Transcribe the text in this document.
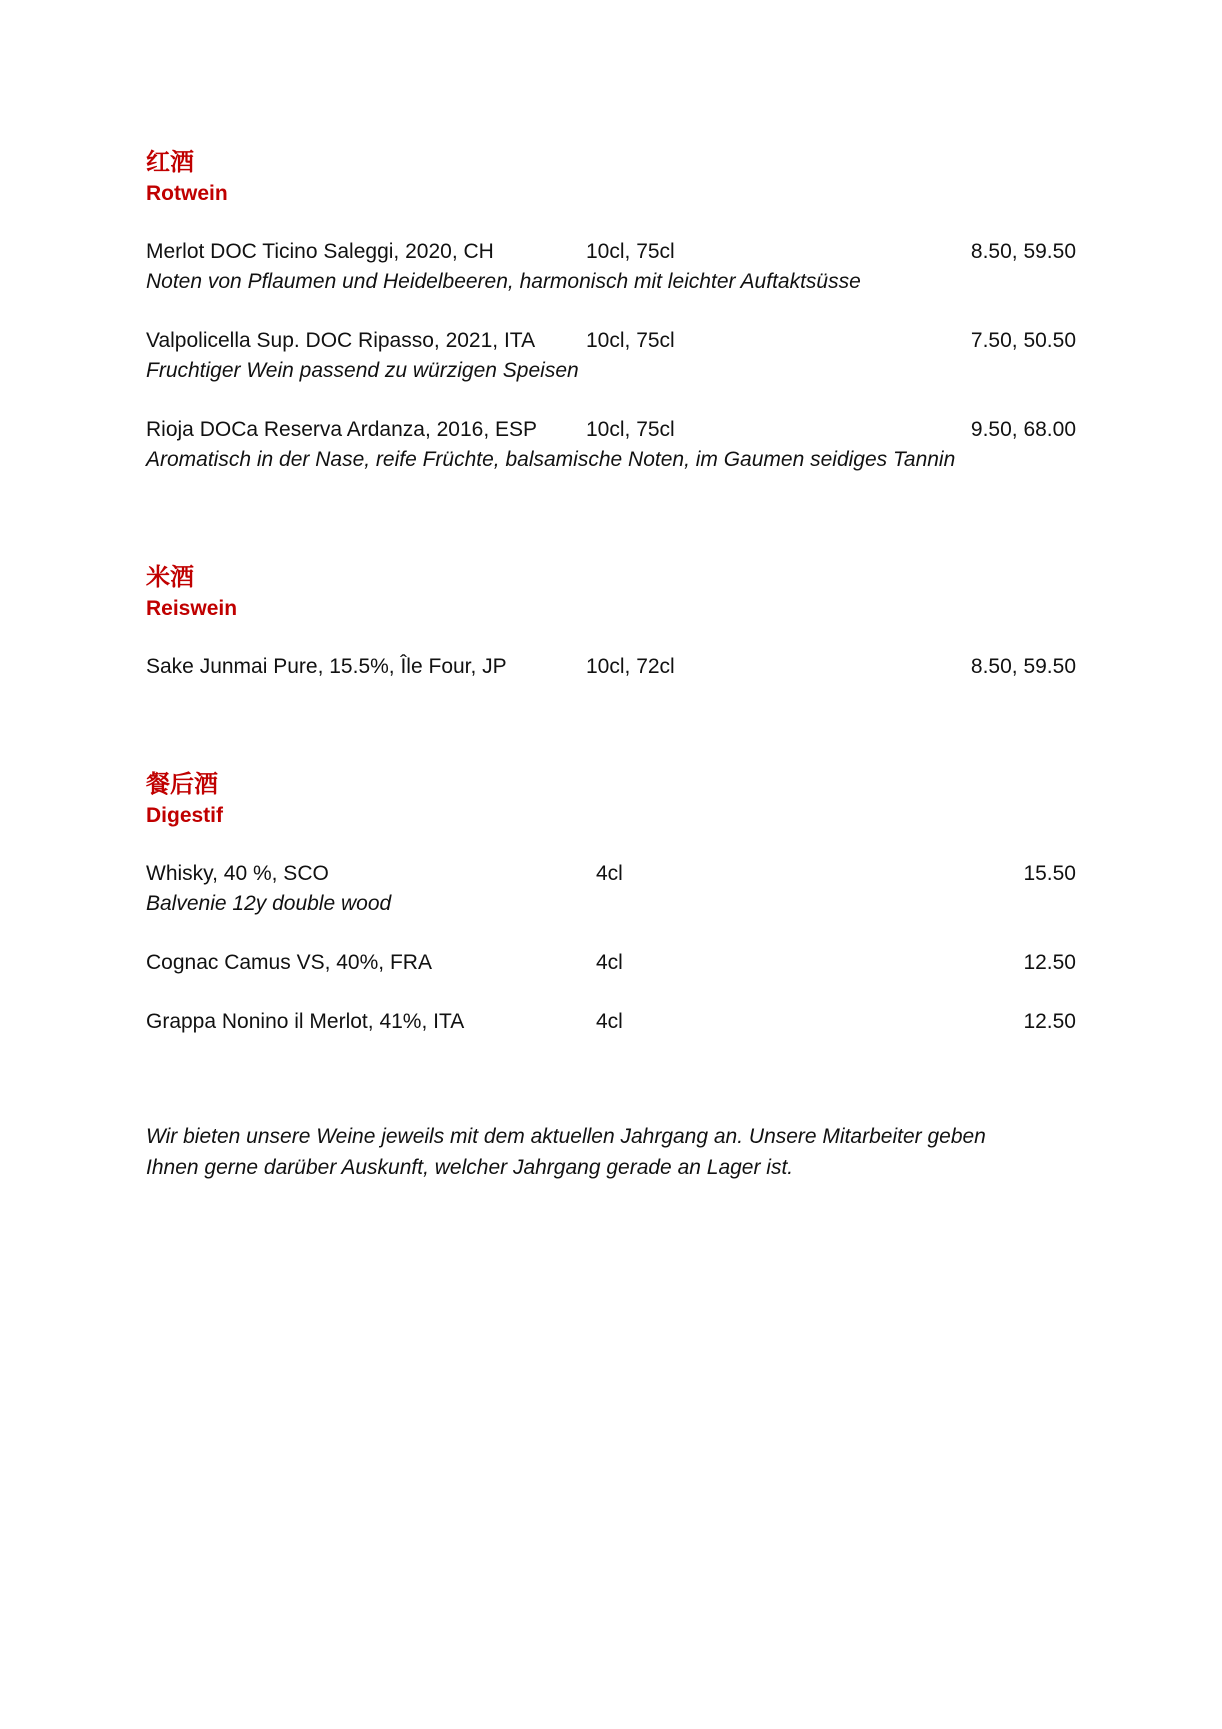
红酒
Rotwein
Merlot DOC Ticino Saleggi, 2020, CH	10cl, 75cl	8.50, 59.50
Noten von Pflaumen und Heidelbeeren, harmonisch mit leichter Auftaktsüsse
Valpolicella Sup. DOC Ripasso, 2021, ITA 10cl, 75cl	7.50, 50.50
Fruchtiger Wein passend zu würzigen Speisen
Rioja DOCa Reserva Ardanza, 2016, ESP 10cl, 75cl	9.50, 68.00
Aromatisch in der Nase, reife Früchte, balsamische Noten, im Gaumen seidiges Tannin
米酒
Reiswein
Sake Junmai Pure, 15.5%, Île Four, JP	10cl, 72cl	8.50, 59.50
餐后酒
Digestif
Whisky, 40 %, SCO	4cl	15.50
Balvenie 12y double wood
Cognac Camus VS, 40%, FRA	4cl	12.50
Grappa Nonino il Merlot, 41%, ITA	4cl	12.50
Wir bieten unsere Weine jeweils mit dem aktuellen Jahrgang an. Unsere Mitarbeiter geben
Ihnen gerne darüber Auskunft, welcher Jahrgang gerade an Lager ist.
